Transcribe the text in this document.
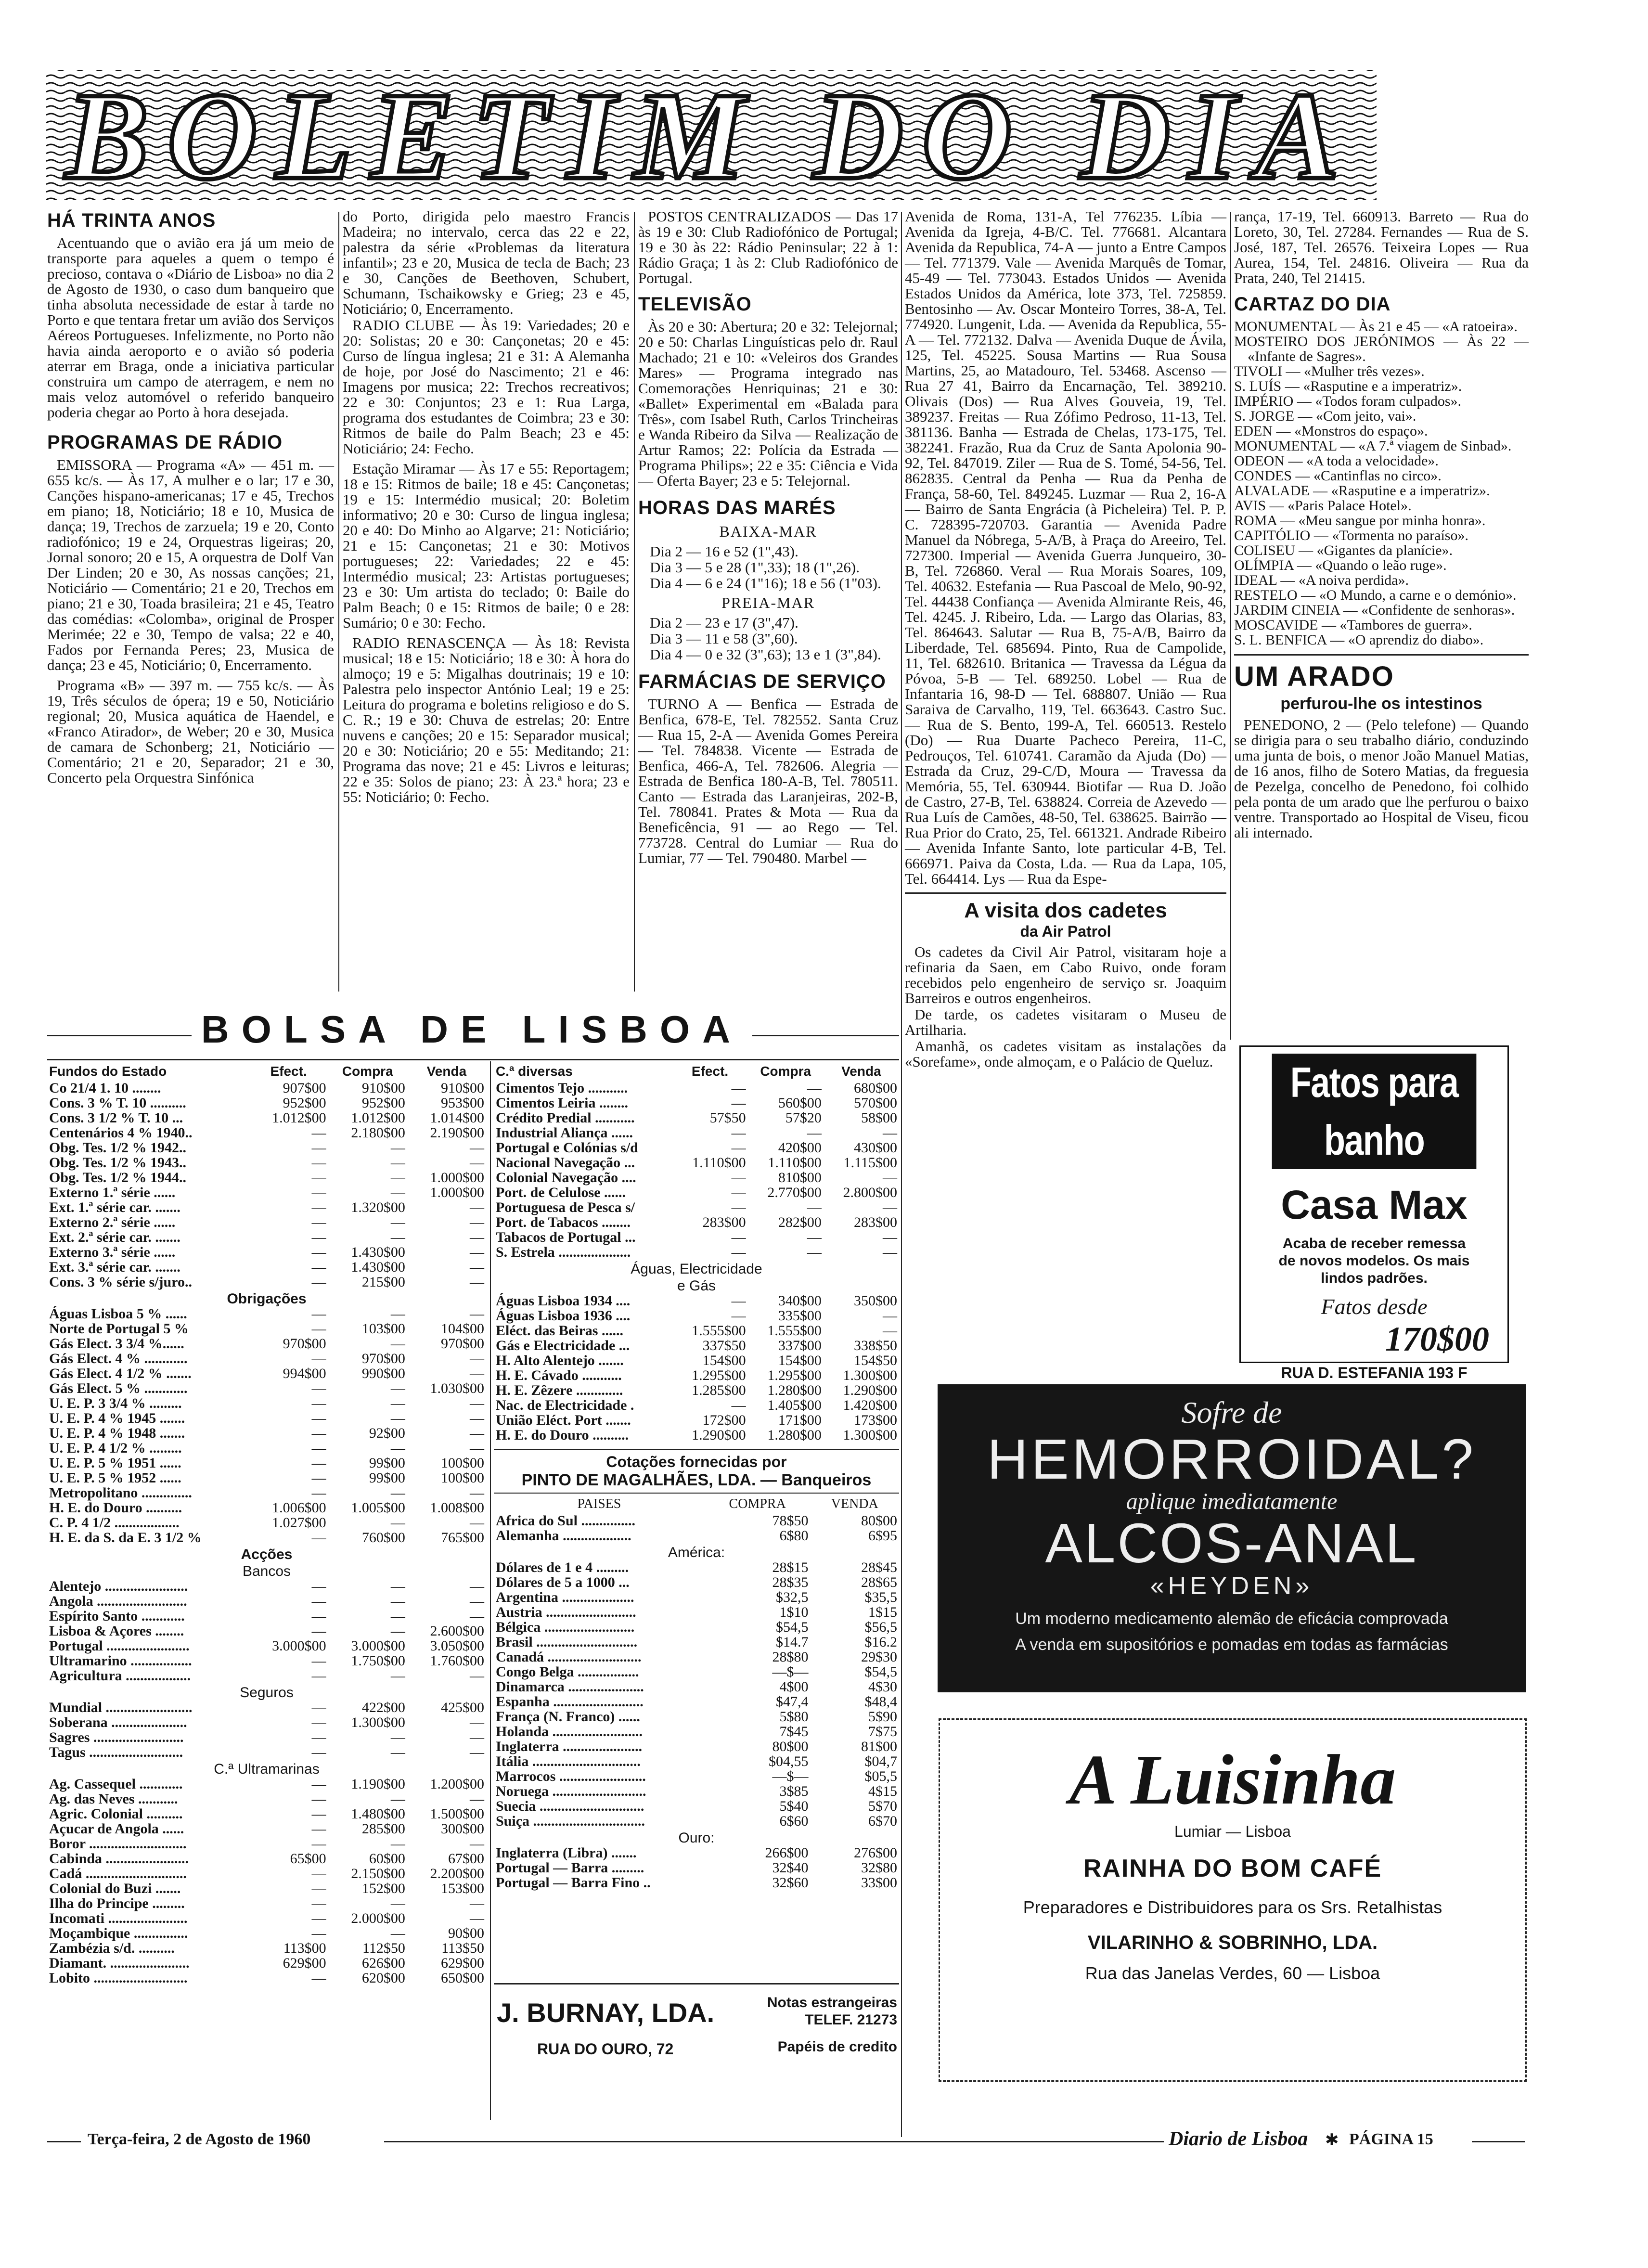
BOLETIM DO DIA
HÁ TRINTA ANOS

Acentuando que o avião era já um meio de transporte para aqueles a quem o tempo é precioso, contava o «Diário de Lisboa» no dia 2 de Agosto de 1930, o caso dum banqueiro que tinha absoluta necessidade de estar à tarde no Porto e que tentara fretar um avião dos Serviços Aéreos Portugueses. Infelizmente, no Porto não havia ainda aeroporto e o avião só poderia aterrar em Braga, onde a iniciativa particular construira um campo de aterragem, e nem no mais veloz automóvel o referido banqueiro poderia chegar ao Porto à hora desejada.

PROGRAMAS DE RÁDIO

EMISSORA — Programa «A» — 451 m. — 655 kc/s. — Às 17, A mulher e o lar; 17 e 30, Canções hispano-americanas; 17 e 45, Trechos em piano; 18, Noticiário; 18 e 10, Musica de dança; 19, Trechos de zarzuela; 19 e 20, Conto radiofónico; 19 e 24, Orquestras ligeiras; 20, Jornal sonoro; 20 e 15, A orquestra de Dolf Van Der Linden; 20 e 30, As nossas canções; 21, Noticiário — Comentário; 21 e 20, Trechos em piano; 21 e 30, Toada brasileira; 21 e 45, Teatro das comédias: «Colomba», original de Prosper Merimée; 22 e 30, Tempo de valsa; 22 e 40, Fados por Fernanda Peres; 23, Musica de dança; 23 e 45, Noticiário; 0, Encerramento.

Programa «B» — 397 m. — 755 kc/s. — Às 19, Três séculos de ópera; 19 e 50, Noticiário regional; 20, Musica aquática de Haendel, e «Franco Atirador», de Weber; 20 e 30, Musica de camara de Schonberg; 21, Noticiário — Comentário; 21 e 20, Separador; 21 e 30, Concerto pela Orquestra Sinfónica

do Porto, dirigida pelo maestro Francis Madeira; no intervalo, cerca das 22 e 22, palestra da série «Problemas da literatura infantil»; 23 e 20, Musica de tecla de Bach; 23 e 30, Canções de Beethoven, Schubert, Schumann, Tschaikowsky e Grieg; 23 e 45, Noticiário; 0, Encerramento.

RADIO CLUBE — Às 19: Variedades; 20 e 20: Solistas; 20 e 30: Cançonetas; 20 e 45: Curso de língua inglesa; 21 e 31: A Alemanha de hoje, por José do Nascimento; 21 e 46: Imagens por musica; 22: Trechos recreativos; 22 e 30: Conjuntos; 23 e 1: Rua Larga, programa dos estudantes de Coimbra; 23 e 30: Ritmos de baile do Palm Beach; 23 e 45: Noticiário; 24: Fecho.

Estação Miramar — Às 17 e 55: Reportagem; 18 e 15: Ritmos de baile; 18 e 45: Cançonetas; 19 e 15: Intermédio musical; 20: Boletim informativo; 20 e 30: Curso de lingua inglesa; 20 e 40: Do Minho ao Algarve; 21: Noticiário; 21 e 15: Cançonetas; 21 e 30: Motivos portugueses; 22: Variedades; 22 e 45: Intermédio musical; 23: Artistas portugueses; 23 e 30: Um artista do teclado; 0: Baile do Palm Beach; 0 e 15: Ritmos de baile; 0 e 28: Sumário; 0 e 30: Fecho.

RADIO RENASCENÇA — Às 18: Revista musical; 18 e 15: Noticiário; 18 e 30: À hora do almoço; 19 e 5: Migalhas doutrinais; 19 e 10: Palestra pelo inspector António Leal; 19 e 25: Leitura do programa e boletins religioso e do S. C. R.; 19 e 30: Chuva de estrelas; 20: Entre nuvens e canções; 20 e 15: Separador musical; 20 e 30: Noticiário; 20 e 55: Meditando; 21: Programa das nove; 21 e 45: Livros e leituras; 22 e 35: Solos de piano; 23: À 23.ª hora; 23 e 55: Noticiário; 0: Fecho.

POSTOS CENTRALIZADOS — Das 17 às 19 e 30: Club Radiofónico de Portugal; 19 e 30 às 22: Rádio Peninsular; 22 à 1: Rádio Graça; 1 às 2: Club Radiofónico de Portugal.

TELEVISÃO

Às 20 e 30: Abertura; 20 e 32: Telejornal; 20 e 50: Charlas Linguísticas pelo dr. Raul Machado; 21 e 10: «Veleiros dos Grandes Mares» — Programa integrado nas Comemorações Henriquinas; 21 e 30: «Ballet» Experimental em «Balada para Três», com Isabel Ruth, Carlos Trincheiras e Wanda Ribeiro da Silva — Realização de Artur Ramos; 22: Polícia da Estrada — Programa Philips»; 22 e 35: Ciência e Vida — Oferta Bayer; 23 e 5: Telejornal.

HORAS DAS MARÉS
BAIXA-MAR
Dia 2 — 16 e 52 (1",43).
Dia 3 — 5 e 28 (1",33); 18 (1",26).
Dia 4 — 6 e 24 (1"16); 18 e 56 (1"03).
PREIA-MAR
Dia 2 — 23 e 17 (3",47).
Dia 3 — 11 e 58 (3",60).
Dia 4 — 0 e 32 (3",63); 13 e 1 (3",84).
FARMÁCIAS DE SERVIÇO

TURNO A — Benfica — Estrada de Benfica, 678-E, Tel. 782552. Santa Cruz — Rua 15, 2-A — Avenida Gomes Pereira — Tel. 784838. Vicente — Estrada de Benfica, 466-A, Tel. 782606. Alegria — Estrada de Benfica 180-A-B, Tel. 780511. Canto — Estrada das Laranjeiras, 202-B, Tel. 780841. Prates & Mota — Rua da Beneficência, 91 — ao Rego — Tel. 773728. Central do Lumiar — Rua do Lumiar, 77 — Tel. 790480. Marbel —

Avenida de Roma, 131-A, Tel 776235. Líbia — Avenida da Igreja, 4-B/C. Tel. 776681. Alcantara Avenida da Republica, 74-A — junto a Entre Campos — Tel. 771379. Vale — Avenida Marquês de Tomar, 45-49 — Tel. 773043. Estados Unidos — Avenida Estados Unidos da América, lote 373, Tel. 725859. Bentosinho — Av. Oscar Monteiro Torres, 38-A, Tel. 774920. Lungenit, Lda. — Avenida da Republica, 55-A — Tel. 772132. Dalva — Avenida Duque de Ávila, 125, Tel. 45225. Sousa Martins — Rua Sousa Martins, 25, ao Matadouro, Tel. 53468. Ascenso — Rua 27 41, Bairro da Encarnação, Tel. 389210. Olivais (Dos) — Rua Alves Gouveia, 19, Tel. 389237. Freitas — Rua Zófimo Pedroso, 11-13, Tel. 381136. Banha — Estrada de Chelas, 173-175, Tel. 382241. Frazão, Rua da Cruz de Santa Apolonia 90-92, Tel. 847019. Ziler — Rua de S. Tomé, 54-56, Tel. 862835. Central da Penha — Rua da Penha de França, 58-60, Tel. 849245. Luzmar — Rua 2, 16-A — Bairro de Santa Engrácia (à Picheleira) Tel. P. P. C. 728395-720703. Garantia — Avenida Padre Manuel da Nóbrega, 5-A/B, à Praça do Areeiro, Tel. 727300. Imperial — Avenida Guerra Junqueiro, 30-B, Tel. 726860. Veral — Rua Morais Soares, 109, Tel. 40632. Estefania — Rua Pascoal de Melo, 90-92, Tel. 44438 Confiança — Avenida Almirante Reis, 46, Tel. 4245. J. Ribeiro, Lda. — Largo das Olarias, 83, Tel. 864643. Salutar — Rua B, 75-A/B, Bairro da Liberdade, Tel. 685694. Pinto, Rua de Campolide, 11, Tel. 682610. Britanica — Travessa da Légua da Póvoa, 5-B — Tel. 689250. Lobel — Rua de Infantaria 16, 98-D — Tel. 688807. União — Rua Saraiva de Carvalho, 119, Tel. 663643. Castro Suc. — Rua de S. Bento, 199-A, Tel. 660513. Restelo (Do) — Rua Duarte Pacheco Pereira, 11-C, Pedrouços, Tel. 610741. Caramão da Ajuda (Do) — Estrada da Cruz, 29-C/D, Moura — Travessa da Memória, 55, Tel. 630944. Biotifar — Rua D. João de Castro, 27-B, Tel. 638824. Correia de Azevedo — Rua Luís de Camões, 48-50, Tel. 638625. Bairrão — Rua Prior do Crato, 25, Tel. 661321. Andrade Ribeiro — Avenida Infante Santo, lote particular 4-B, Tel. 666971. Paiva da Costa, Lda. — Rua da Lapa, 105, Tel. 664414. Lys — Rua da Espe-

A visita dos cadetes
da Air Patrol

Os cadetes da Civil Air Patrol, visitaram hoje a refinaria da Saen, em Cabo Ruivo, onde foram recebidos pelo engenheiro de serviço sr. Joaquim Barreiros e outros engenheiros.

De tarde, os cadetes visitaram o Museu de Artilharia.

Amanhã, os cadetes visitam as instalações da «Sorefame», onde almoçam, e o Palácio de Queluz.

rança, 17-19, Tel. 660913. Barreto — Rua do Loreto, 30, Tel. 27284. Fernandes — Rua de S. José, 187, Tel. 26576. Teixeira Lopes — Rua Aurea, 154, Tel. 24816. Oliveira — Rua da Prata, 240, Tel 21415.

CARTAZ DO DIA
MONUMENTAL — Às 21 e 45 — «A ratoeira».
MOSTEIRO DOS JERÓNIMOS — Às 22 — «Infante de Sagres».
TIVOLI — «Mulher três vezes».
S. LUÍS — «Rasputine e a imperatriz».
IMPÉRIO — «Todos foram culpados».
S. JORGE — «Com jeito, vai».
EDEN — «Monstros do espaço».
MONUMENTAL — «A 7.ª viagem de Sinbad».
ODEON — «A toda a velocidade».
CONDES — «Cantinflas no circo».
ALVALADE — «Rasputine e a imperatriz».
AVIS — «Paris Palace Hotel».
ROMA — «Meu sangue por minha honra».
CAPITÓLIO — «Tormenta no paraíso».
COLISEU — «Gigantes da planície».
OLÍMPIA — «Quando o leão ruge».
IDEAL — «A noiva perdida».
RESTELO — «O Mundo, a carne e o demónio».
JARDIM CINEIA — «Confidente de senhoras».
MOSCAVIDE — «Tambores de guerra».
S. L. BENFICA — «O aprendiz do diabo».
UM ARADO
perfurou-lhe os intestinos

PENEDONO, 2 — (Pelo telefone) — Quando se dirigia para o seu trabalho diário, conduzindo uma junta de bois, o menor João Manuel Matias, de 16 anos, filho de Sotero Matias, da freguesia de Pezelga, concelho de Penedono, foi colhido pela ponta de um arado que lhe perfurou o baixo ventre. Transportado ao Hospital de Viseu, ficou ali internado.

Fatos para banho
Casa Max
Acaba de receber remessa
de novos modelos. Os mais
lindos padrões.
Fatos desde
170$00
RUA D. ESTEFANIA 193 F
Sofre de
HEMORROIDAL?
aplique imediatamente
ALCOS-ANAL
«HEYDEN»
Um moderno medicamento alemão de eficácia comprovada
A venda em supositórios e pomadas em todas as farmácias
A Luisinha
Lumiar — Lisboa
RAINHA DO BOM CAFÉ
Preparadores e Distribuidores para os Srs. Retalhistas
VILARINHO & SOBRINHO, LDA.
Rua das Janelas Verdes, 60 — Lisboa
BOLSA DE LISBOA
Fundos do Estado	Efect.	Compra	Venda
Co 21/4 1. 10 ........	907$00	910$00	910$00
Cons. 3 % T. 10 ..........	952$00	952$00	953$00
Cons. 3 1/2 % T. 10 ...	1.012$00	1.012$00	1.014$00
Centenários 4 % 1940..	—	2.180$00	2.190$00
Obg. Tes. 1/2 % 1942..	—	—	—
Obg. Tes. 1/2 % 1943..	—	—	—
Obg. Tes. 1/2 % 1944..	—	—	1.000$00
Externo 1.ª série ......	—	—	1.000$00
Ext. 1.ª série car. .......	—	1.320$00	—
Externo 2.ª série ......	—	—	—
Ext. 2.ª série car. .......	—	—	—
Externo 3.ª série ......	—	1.430$00	—
Ext. 3.ª série car. .......	—	1.430$00	—
Cons. 3 % série s/juro..	—	215$00	—
Obrigações			
Águas Lisboa 5 % ......	—	—	—
Norte de Portugal 5 %	—	103$00	104$00
Gás Elect. 3 3/4 %......	970$00	—	970$00
Gás Elect. 4 % ............	—	970$00	—
Gás Elect. 4 1/2 % .......	994$00	990$00	—
Gás Elect. 5 % ............	—	—	1.030$00
U. E. P. 3 3/4 % .........	—	—	—
U. E. P. 4 % 1945 .......	—	—	—
U. E. P. 4 % 1948 .......	—	92$00	—
U. E. P. 4 1/2 % .........	—	—	—
U. E. P. 5 % 1951 ......	—	99$00	100$00
U. E. P. 5 % 1952 ......	—	99$00	100$00
Metropolitano ..............	—	—	—
H. E. do Douro ..........	1.006$00	1.005$00	1.008$00
C. P. 4 1/2 ..................	1.027$00	—	—
H. E. da S. da E. 3 1/2 %	—	760$00	765$00
Acções			
Bancos			
Alentejo .......................	—	—	—
Angola .........................	—	—	—
Espírito Santo ............	—	—	—
Lisboa & Açores ........	—	—	2.600$00
Portugal .......................	3.000$00	3.000$00	3.050$00
Ultramarino .................	—	1.750$00	1.760$00
Agricultura ..................	—	—	—
Seguros			
Mundial ........................	—	422$00	425$00
Soberana .....................	—	1.300$00	—
Sagres .........................	—	—	—
Tagus ..........................	—	—	—
C.ª Ultramarinas			
Ag. Cassequel ............	—	1.190$00	1.200$00
Ag. das Neves ...........	—	—	—
Agric. Colonial ..........	—	1.480$00	1.500$00
Açucar de Angola ......	—	285$00	300$00
Boror ...........................	—	—	—
Cabinda .......................	65$00	60$00	67$00
Cadá ............................	—	2.150$00	2.200$00
Colonial do Buzi .......	—	152$00	153$00
Ilha do Principe .........	—	—	—
Incomati ......................	—	2.000$00	—
Moçambique ...............	—	—	90$00
Zambézia s/d. ..........	113$00	112$50	113$50
Diamant. ......................	629$00	626$00	629$00
Lobito ..........................	—	620$00	650$00
C.ª diversas	Efect.	Compra	Venda
Cimentos Tejo ...........	—	—	680$00
Cimentos Leiria ........	—	560$00	570$00
Crédito Predial ...........	57$50	57$20	58$00
Industrial Aliança ......	—	—	—
Portugal e Colónias s/d	—	420$00	430$00
Nacional Navegação ...	1.110$00	1.110$00	1.115$00
Colonial Navegação ....	—	810$00	—
Port. de Celulose ......	—	2.770$00	2.800$00
Portuguesa de Pesca s/	—	—	—
Port. de Tabacos ........	283$00	282$00	283$00
Tabacos de Portugal ...	—	—	—
S. Estrela ....................	—	—	—
Águas, Electricidade			
e Gás			
Águas Lisboa 1934 ....	—	340$00	350$00
Águas Lisboa 1936 ....	—	335$00	—
Eléct. das Beiras ......	1.555$00	1.555$00	—
Gás e Electricidade ...	337$50	337$00	338$50
H. Alto Alentejo .......	154$00	154$00	154$50
H. E. Cávado ...........	1.295$00	1.295$00	1.300$00
H. E. Zêzere .............	1.285$00	1.280$00	1.290$00
Nac. de Electricidade .	—	1.405$00	1.420$00
União Eléct. Port .......	172$00	171$00	173$00
H. E. do Douro ..........	1.290$00	1.280$00	1.300$00
Cotações fornecidas por
PINTO DE MAGALHÃES, LDA. — Banqueiros
PAISES	COMPRA	VENDA
Africa do Sul ...............	78$50	80$00
Alemanha ...................	6$80	6$95
América:		
Dólares de 1 e 4 .........	28$15	28$45
Dólares de 5 a 1000 ...	28$35	28$65
Argentina ....................	$32,5	$35,5
Austria .........................	1$10	1$15
Bélgica .........................	$54,5	$56,5
Brasil ............................	$14.7	$16.2
Canadá ..........................	28$80	29$30
Congo Belga .................	—$—	$54,5
Dinamarca .....................	4$00	4$30
Espanha .........................	$47,4	$48,4
França (N. Franco) ......	5$80	5$90
Holanda .........................	7$45	7$75
Inglaterra ......................	80$00	81$00
Itália ..............................	$04,55	$04,7
Marrocos ........................	—$—	$05,5
Noruega ..........................	3$85	4$15
Suecia .............................	5$40	5$70
Suiça ...............................	6$60	6$70
Ouro:		
Inglaterra (Libra) .......	266$00	276$00
Portugal — Barra .........	32$40	32$80
Portugal — Barra Fino ..	32$60	33$00
J. BURNAY, LDA.
RUA DO OURO, 72
Notas estrangeiras
TELEF. 21273
Papéis de credito
Terça-feira, 2 de Agosto de 1960	Diario de Lisboa ✱ PÁGINA 15
